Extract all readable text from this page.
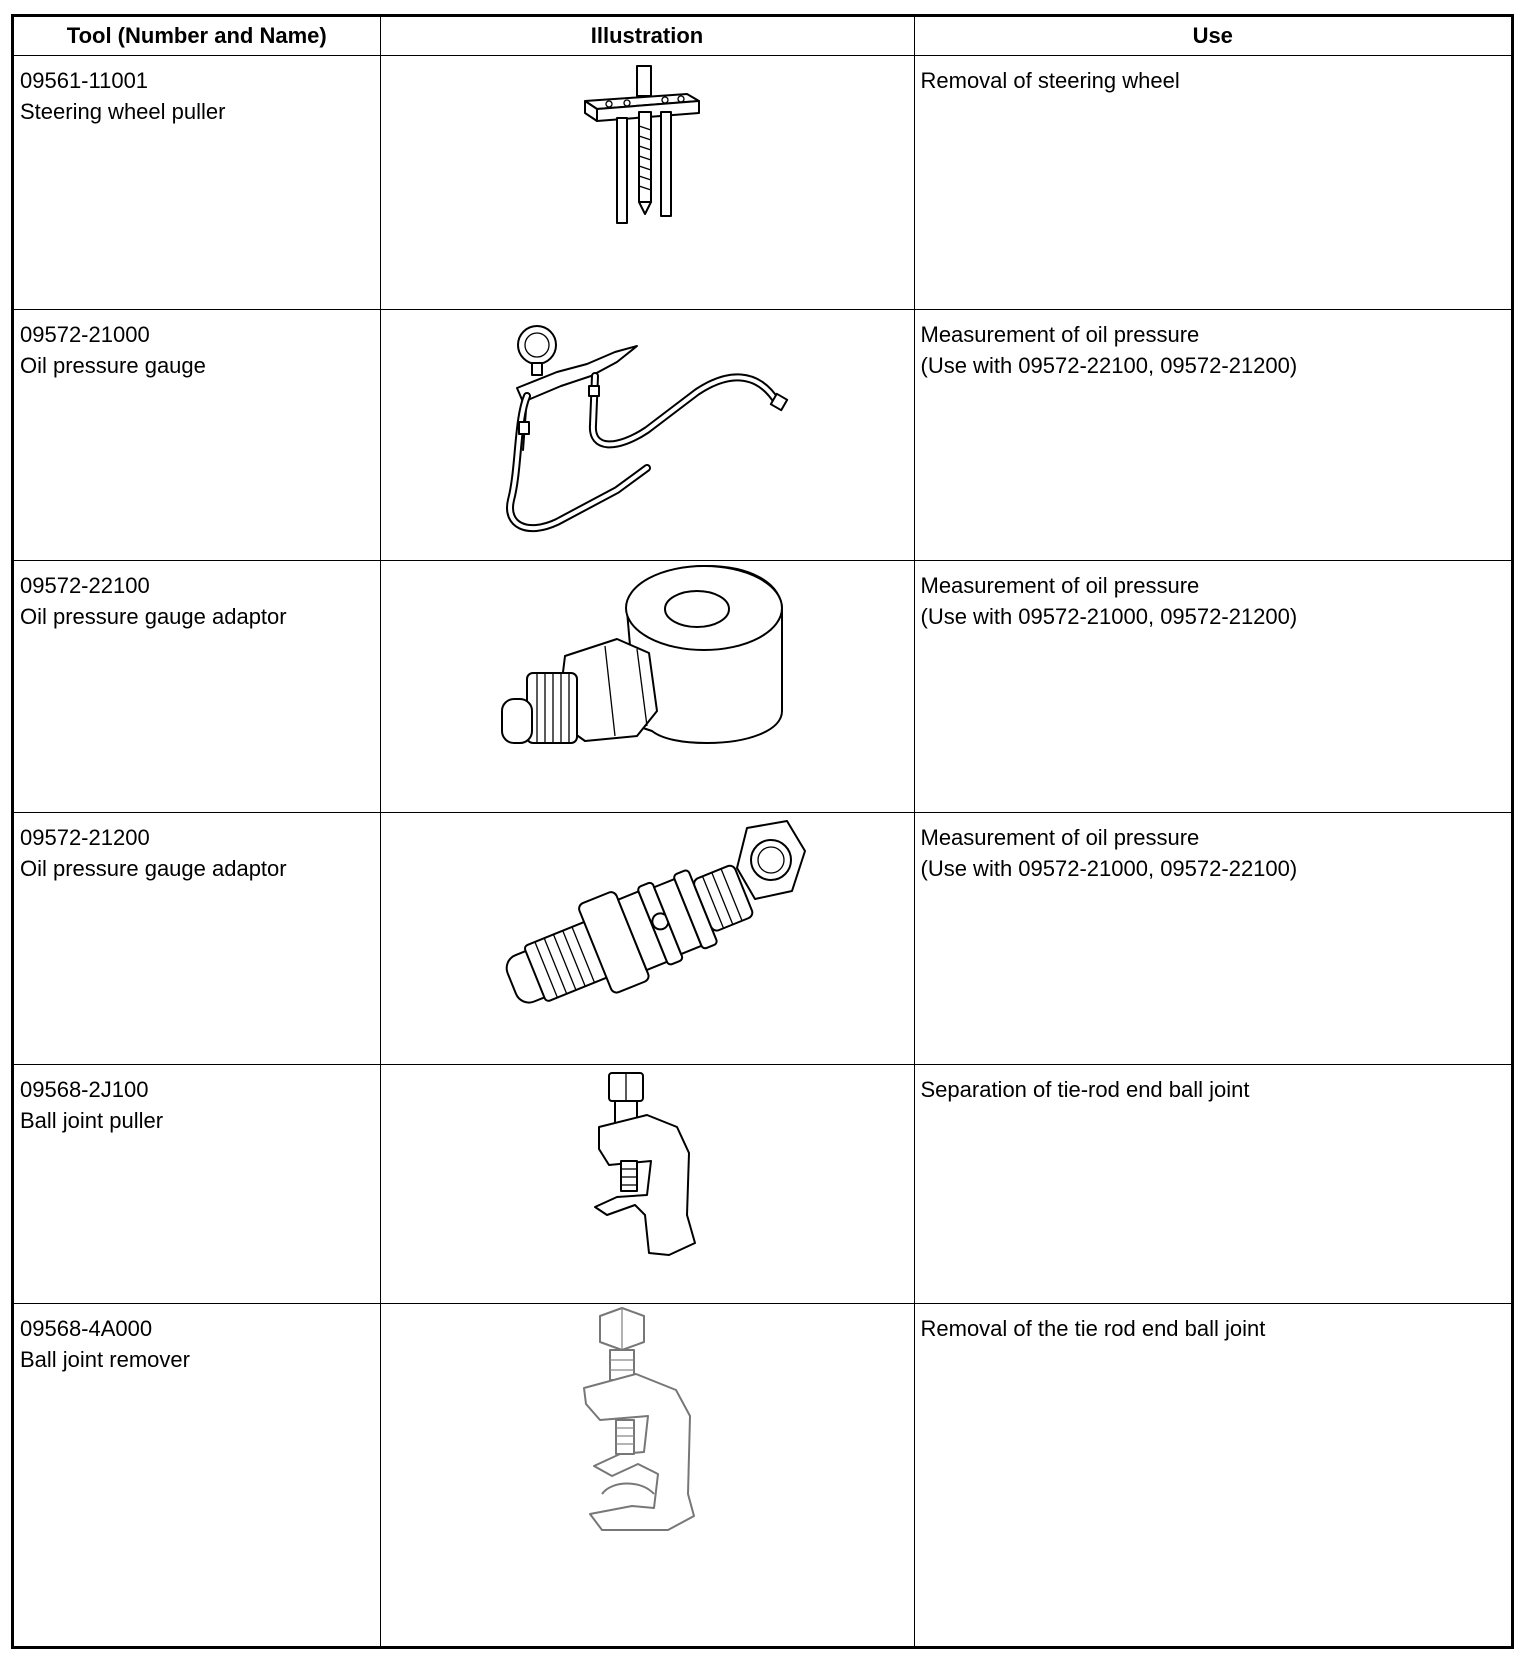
Tool (Number and Name)	Illustration	Use

09561-11001
Steering wheel puller		Removal of steering wheel

09572-21000
Oil pressure gauge		Measurement of oil pressure
(Use with 09572-22100, 09572-21200)

09572-22100
Oil pressure gauge adaptor		Measurement of oil pressure
(Use with 09572-21000, 09572-21200)

09572-21200
Oil pressure gauge adaptor		Measurement of oil pressure
(Use with 09572-21000, 09572-22100)

09568-2J100
Ball joint puller		Separation of tie-rod end ball joint

09568-4A000
Ball joint remover		Removal of the tie rod end ball joint
